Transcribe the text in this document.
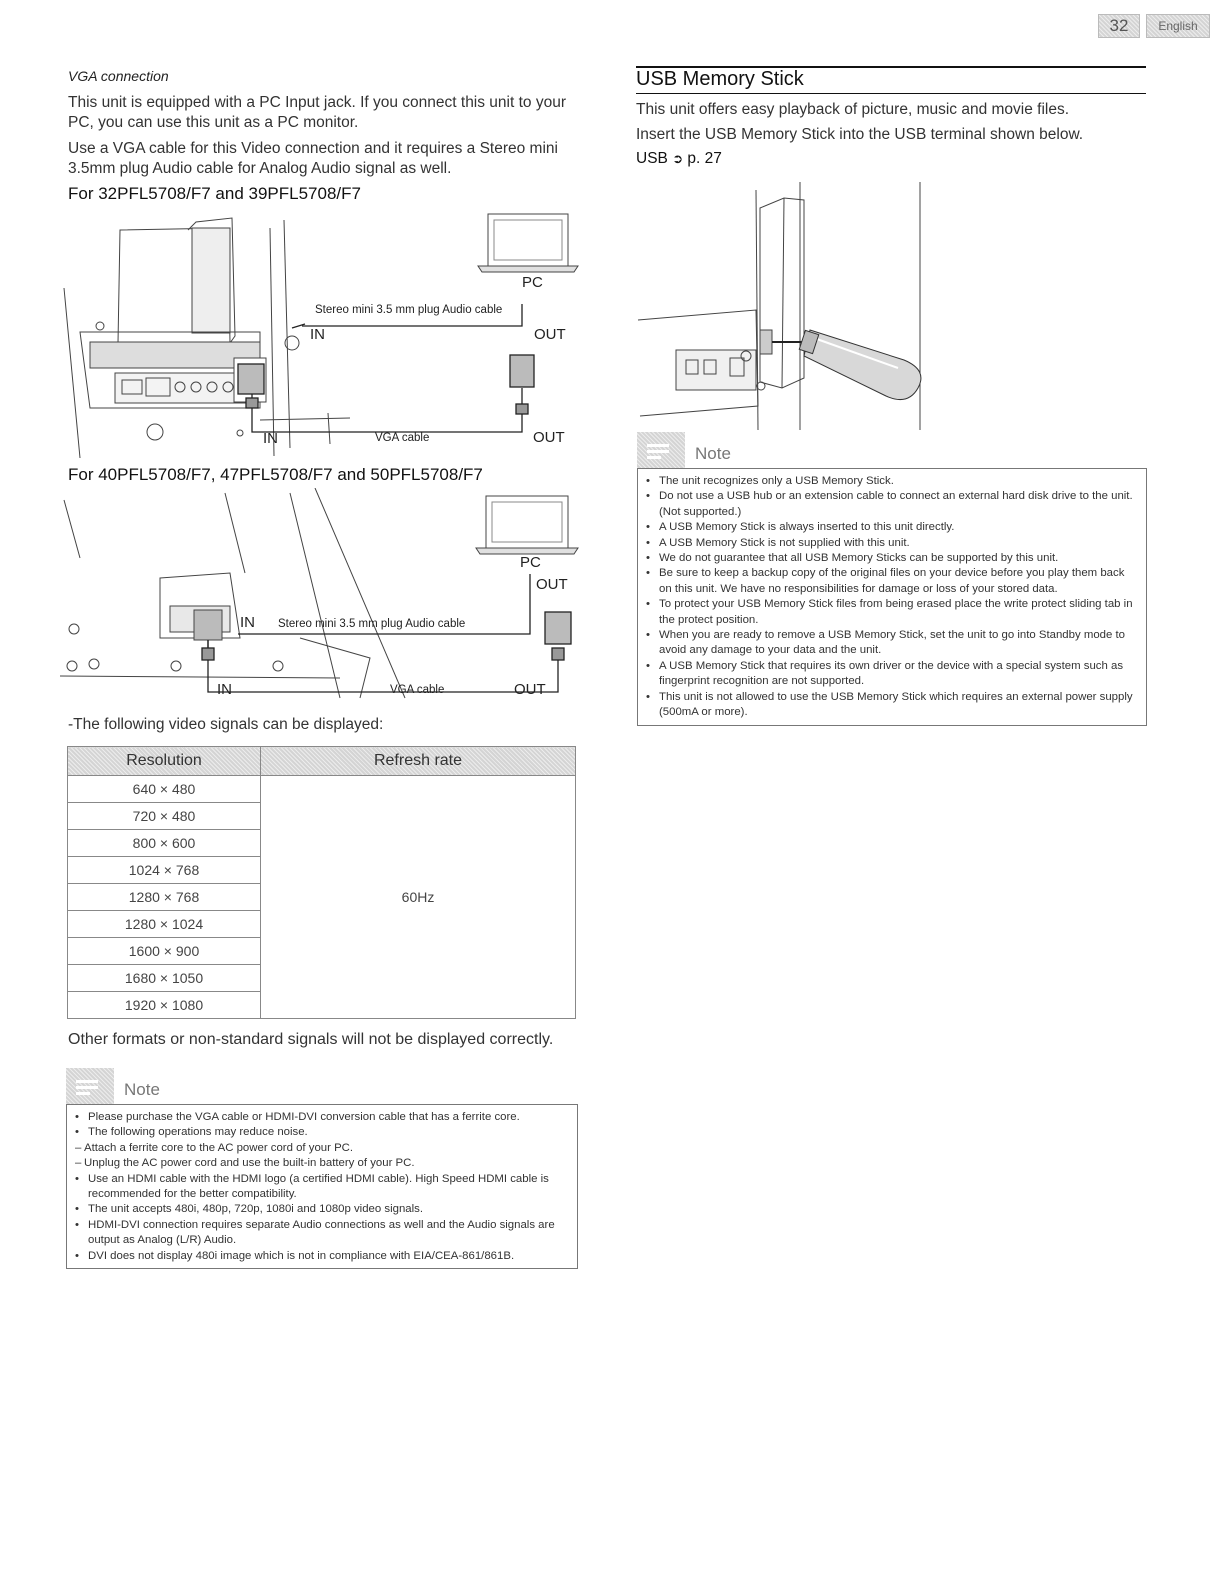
32	English
VGA connection

This unit is equipped with a PC Input jack. If you connect this unit to your PC, you can use this unit as a PC monitor.

Use a VGA cable for this Video connection and it requires a Stereo mini 3.5mm plug Audio cable for Analog Audio signal as well.

For 32PFL5708/F7 and 39PFL5708/F7
PC
Stereo mini 3.5 mm plug Audio cable
IN	OUT
IN	VGA cable	OUT
For 40PFL5708/F7, 47PFL5708/F7 and 50PFL5708/F7
PC
OUT
IN Stereo mini 3.5 mm plug Audio cable
IN	VGA cable	OUT
-The following video signals can be displayed:
Resolution	Refresh rate
640 × 480	60Hz
720 × 480	
800 × 600	
1024 × 768	
1280 × 768	
1280 × 1024	
1600 × 900	
1680 × 1050	
1920 × 1080	
Other formats or non-standard signals will not be displayed correctly.
Note
• Please purchase the VGA cable or HDMI-DVI conversion cable that has a ferrite core.
• The following operations may reduce noise.
– Attach a ferrite core to the AC power cord of your PC.
– Unplug the AC power cord and use the built-in battery of your PC.
• Use an HDMI cable with the HDMI logo (a certified HDMI cable). High Speed HDMI cable is recommended for the better compatibility.
• The unit accepts 480i, 480p, 720p, 1080i and 1080p video signals.
• HDMI-DVI connection requires separate Audio connections as well and the Audio signals are output as Analog (L/R) Audio.
• DVI does not display 480i image which is not in compliance with EIA/CEA-861/861B.
USB Memory Stick

This unit offers easy playback of picture, music and movie files.

Insert the USB Memory Stick into the USB terminal shown below.

USB ➲ p. 27
Note
• The unit recognizes only a USB Memory Stick.
• Do not use a USB hub or an extension cable to connect an external hard disk drive to the unit. (Not supported.)
• A USB Memory Stick is always inserted to this unit directly.
• A USB Memory Stick is not supplied with this unit.
• We do not guarantee that all USB Memory Sticks can be supported by this unit.
• Be sure to keep a backup copy of the original files on your device before you play them back on this unit. We have no responsibilities for damage or loss of your stored data.
• To protect your USB Memory Stick files from being erased place the write protect sliding tab in the protect position.
• When you are ready to remove a USB Memory Stick, set the unit to go into Standby mode to avoid any damage to your data and the unit.
• A USB Memory Stick that requires its own driver or the device with a special system such as fingerprint recognition are not supported.
• This unit is not allowed to use the USB Memory Stick which requires an external power supply (500mA or more).
